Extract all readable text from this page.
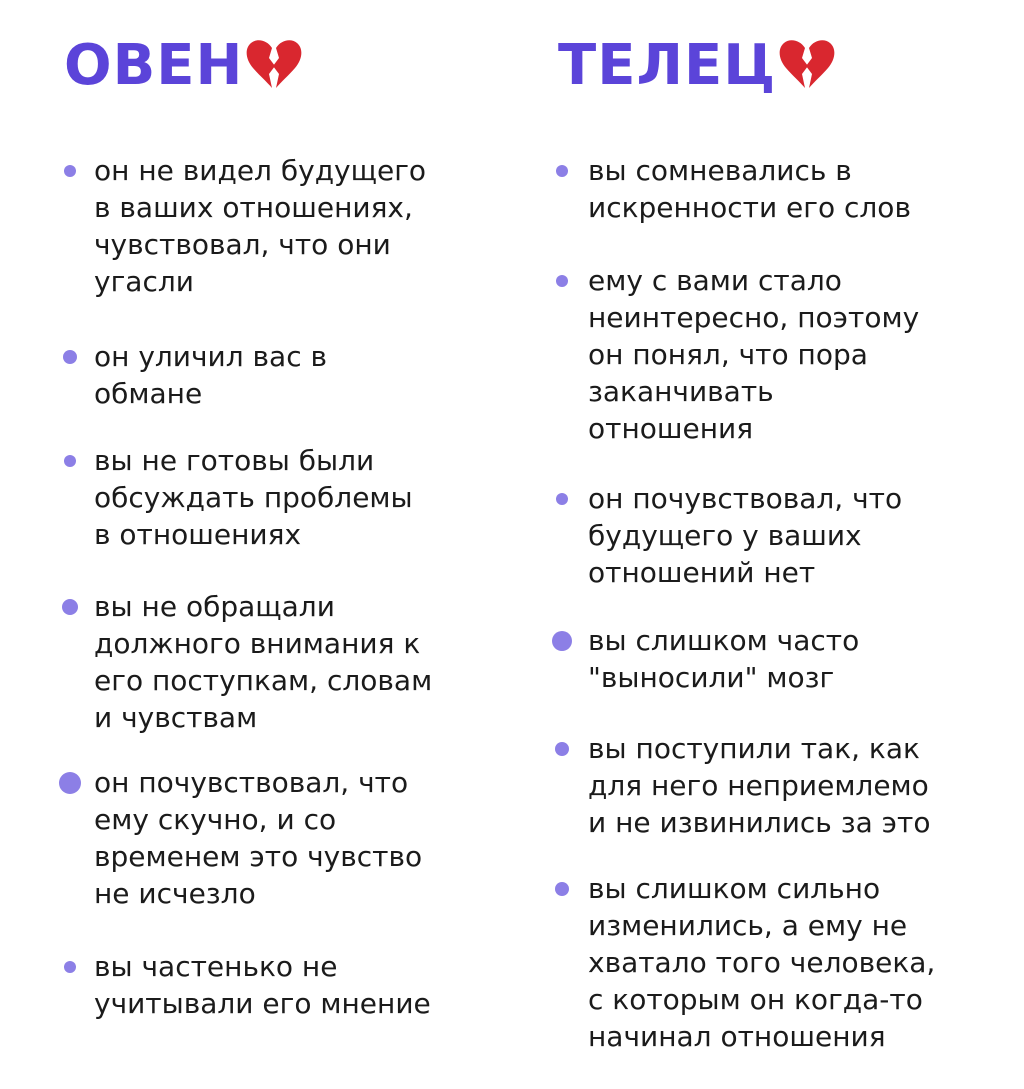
ОВЕН
он не видел будущего
в ваших отношениях,
чувствовал, что они
угасли
он уличил вас в
обмане
вы не готовы были
обсуждать проблемы
в отношениях
вы не обращали
должного внимания к
его поступкам, словам
и чувствам
он почувствовал, что
ему скучно, и со
временем это чувство
не исчезло
вы частенько не
учитывали его мнение
ТЕЛЕЦ
вы сомневались в
искренности его слов
ему с вами стало
неинтересно, поэтому
он понял, что пора
заканчивать
отношения
он почувствовал, что
будущего у ваших
отношений нет
вы слишком часто
"выносили" мозг
вы поступили так, как
для него неприемлемо
и не извинились за это
вы слишком сильно
изменились, а ему не
хватало того человека,
с которым он когда-то
начинал отношения
